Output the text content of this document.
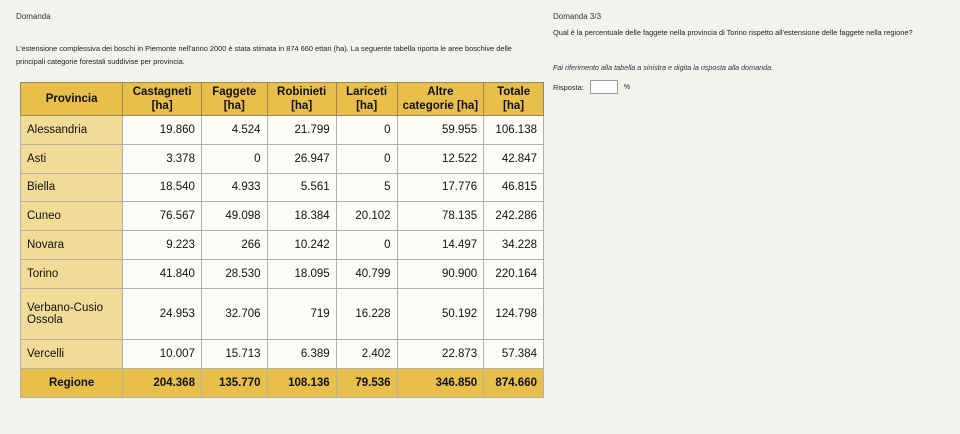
Domanda
L'estensione complessiva dei boschi in Piemonte nell'anno 2000 è stata stimata in 874 660 ettari (ha). La seguente tabella riporta le aree boschive delle principali categorie forestali suddivise per provincia.
Provincia	Castagneti [ha]	Faggete [ha]	Robinieti [ha]	Lariceti [ha]	Altre categorie [ha]	Totale [ha]
Alessandria	19.860	4.524	21.799	0	59.955	106.138
Asti	3.378	0	26.947	0	12.522	42.847
Biella	18.540	4.933	5.561	5	17.776	46.815
Cuneo	76.567	49.098	18.384	20.102	78.135	242.286
Novara	9.223	266	10.242	0	14.497	34.228
Torino	41.840	28.530	18.095	40.799	90.900	220.164
Verbano-Cusio Ossola	24.953	32.706	719	16.228	50.192	124.798
Vercelli	10.007	15.713	6.389	2.402	22.873	57.384
Regione	204.368	135.770	108.136	79.536	346.850	874.660
Domanda 3/3
Qual è la percentuale delle faggete nella provincia di Torino rispetto all'estensione delle faggete nella regione?
Fai riferimento alla tabella a sinistra e digita la risposta alla domanda.
Risposta:	%
